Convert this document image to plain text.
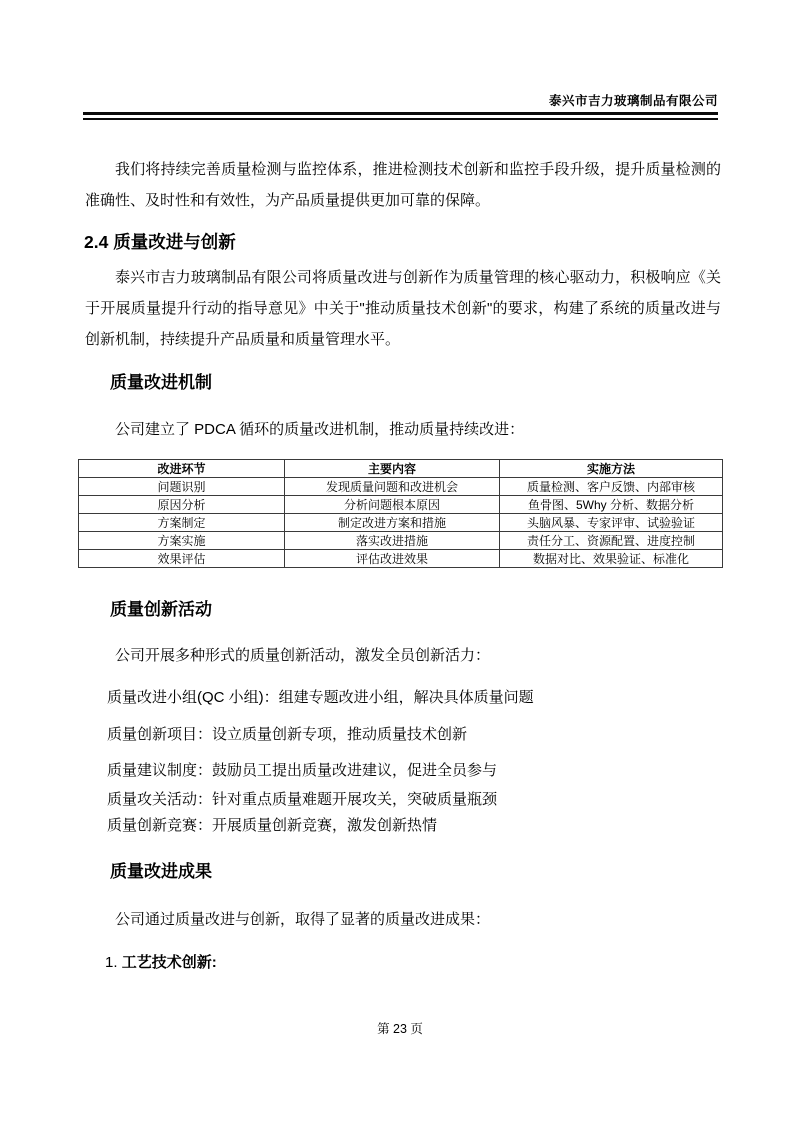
泰兴市吉力玻璃制品有限公司
我们将持续完善质量检测与监控体系，推进检测技术创新和监控手段升级，提升质量检测的准确性、及时性和有效性，为产品质量提供更加可靠的保障。
2.4 质量改进与创新
泰兴市吉力玻璃制品有限公司将质量改进与创新作为质量管理的核心驱动力，积极响应《关于开展质量提升行动的指导意见》中关于"推动质量技术创新"的要求，构建了系统的质量改进与创新机制，持续提升产品质量和质量管理水平。
质量改进机制
公司建立了 PDCA 循环的质量改进机制，推动质量持续改进：
改进环节	主要内容	实施方法
问题识别	发现质量问题和改进机会	质量检测、客户反馈、内部审核
原因分析	分析问题根本原因	鱼骨图、5Why 分析、数据分析
方案制定	制定改进方案和措施	头脑风暴、专家评审、试验验证
方案实施	落实改进措施	责任分工、资源配置、进度控制
效果评估	评估改进效果	数据对比、效果验证、标准化
质量创新活动
公司开展多种形式的质量创新活动，激发全员创新活力：
质量改进小组(QC 小组)：组建专题改进小组，解决具体质量问题
质量创新项目：设立质量创新专项，推动质量技术创新
质量建议制度：鼓励员工提出质量改进建议，促进全员参与
质量攻关活动：针对重点质量难题开展攻关，突破质量瓶颈
质量创新竞赛：开展质量创新竞赛，激发创新热情
质量改进成果
公司通过质量改进与创新，取得了显著的质量改进成果：
1. 工艺技术创新:
第 23 页
